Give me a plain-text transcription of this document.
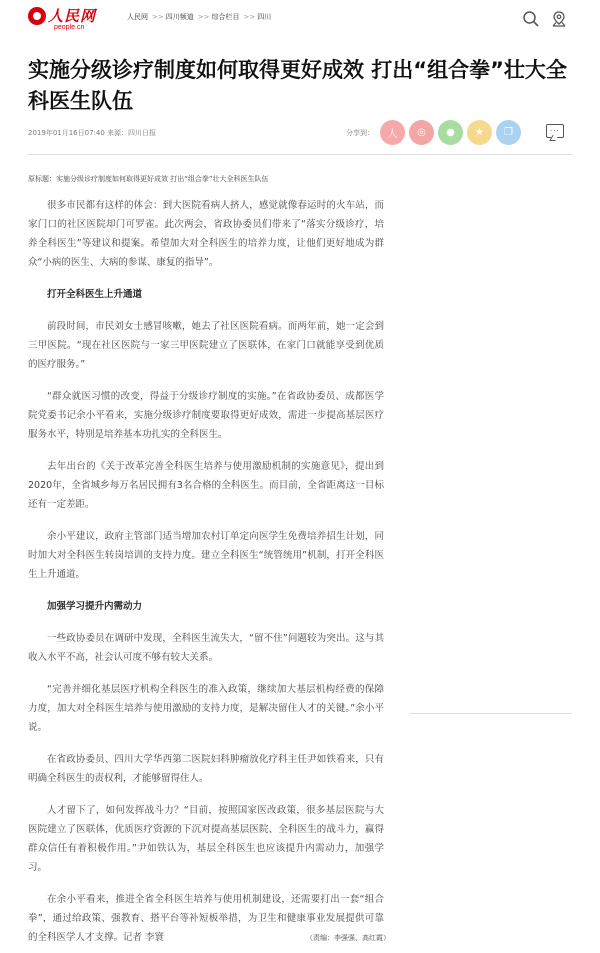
人民网
people.cn
人民网 >> 四川频道 >> 综合栏目 >> 四川
实施分级诊疗制度如何取得更好成效 打出“组合拳”壮大全科医生队伍
2019年01月16日07:40 来源：四川日报	分享到：	人	◎	●	★	❐	···
原标题：实施分级诊疗制度如何取得更好成效 打出“组合拳”壮大全科医生队伍

很多市民都有这样的体会：到大医院看病人挤人，感觉就像春运时的火车站，而家门口的社区医院却门可罗雀。此次两会，省政协委员们带来了“落实分级诊疗，培养全科医生”等建议和提案。希望加大对全科医生的培养力度，让他们更好地成为群众“小病的医生、大病的参谋、康复的指导”。

打开全科医生上升通道

前段时间，市民刘女士感冒咳嗽，她去了社区医院看病。而两年前，她一定会到三甲医院。“现在社区医院与一家三甲医院建立了医联体，在家门口就能享受到优质的医疗服务。”

“群众就医习惯的改变，得益于分级诊疗制度的实施。”在省政协委员、成都医学院党委书记余小平看来，实施分级诊疗制度要取得更好成效，需进一步提高基层医疗服务水平，特别是培养基本功扎实的全科医生。

去年出台的《关于改革完善全科医生培养与使用激励机制的实施意见》，提出到2020年，全省城乡每万名居民拥有3名合格的全科医生。而目前，全省距离这一目标还有一定差距。

余小平建议，政府主管部门适当增加农村订单定向医学生免费培养招生计划，同时加大对全科医生转岗培训的支持力度。建立全科医生“统管统用”机制，打开全科医生上升通道。

加强学习提升内需动力

一些政协委员在调研中发现，全科医生流失大，“留不住”问题较为突出。这与其收入水平不高，社会认可度不够有较大关系。

“完善并细化基层医疗机构全科医生的准入政策，继续加大基层机构经费的保障力度，加大对全科医生培养与使用激励的支持力度，是解决留住人才的关键。”余小平说。

在省政协委员、四川大学华西第二医院妇科肿瘤放化疗科主任尹如铁看来，只有明确全科医生的责权利，才能够留得住人。

人才留下了，如何发挥战斗力？“目前，按照国家医改政策，很多基层医院与大医院建立了医联体，优质医疗资源的下沉对提高基层医院、全科医生的战斗力，赢得群众信任有着积极作用。”尹如铁认为，基层全科医生也应该提升内需动力，加强学习。

在余小平看来，推进全省全科医生培养与使用机制建设，还需要打出一套“组合拳”，通过给政策、强教育、搭平台等补短板举措，为卫生和健康事业发展提供可靠的全科医学人才支撑。记者 李寰	（责编：李强强、高红霞）
